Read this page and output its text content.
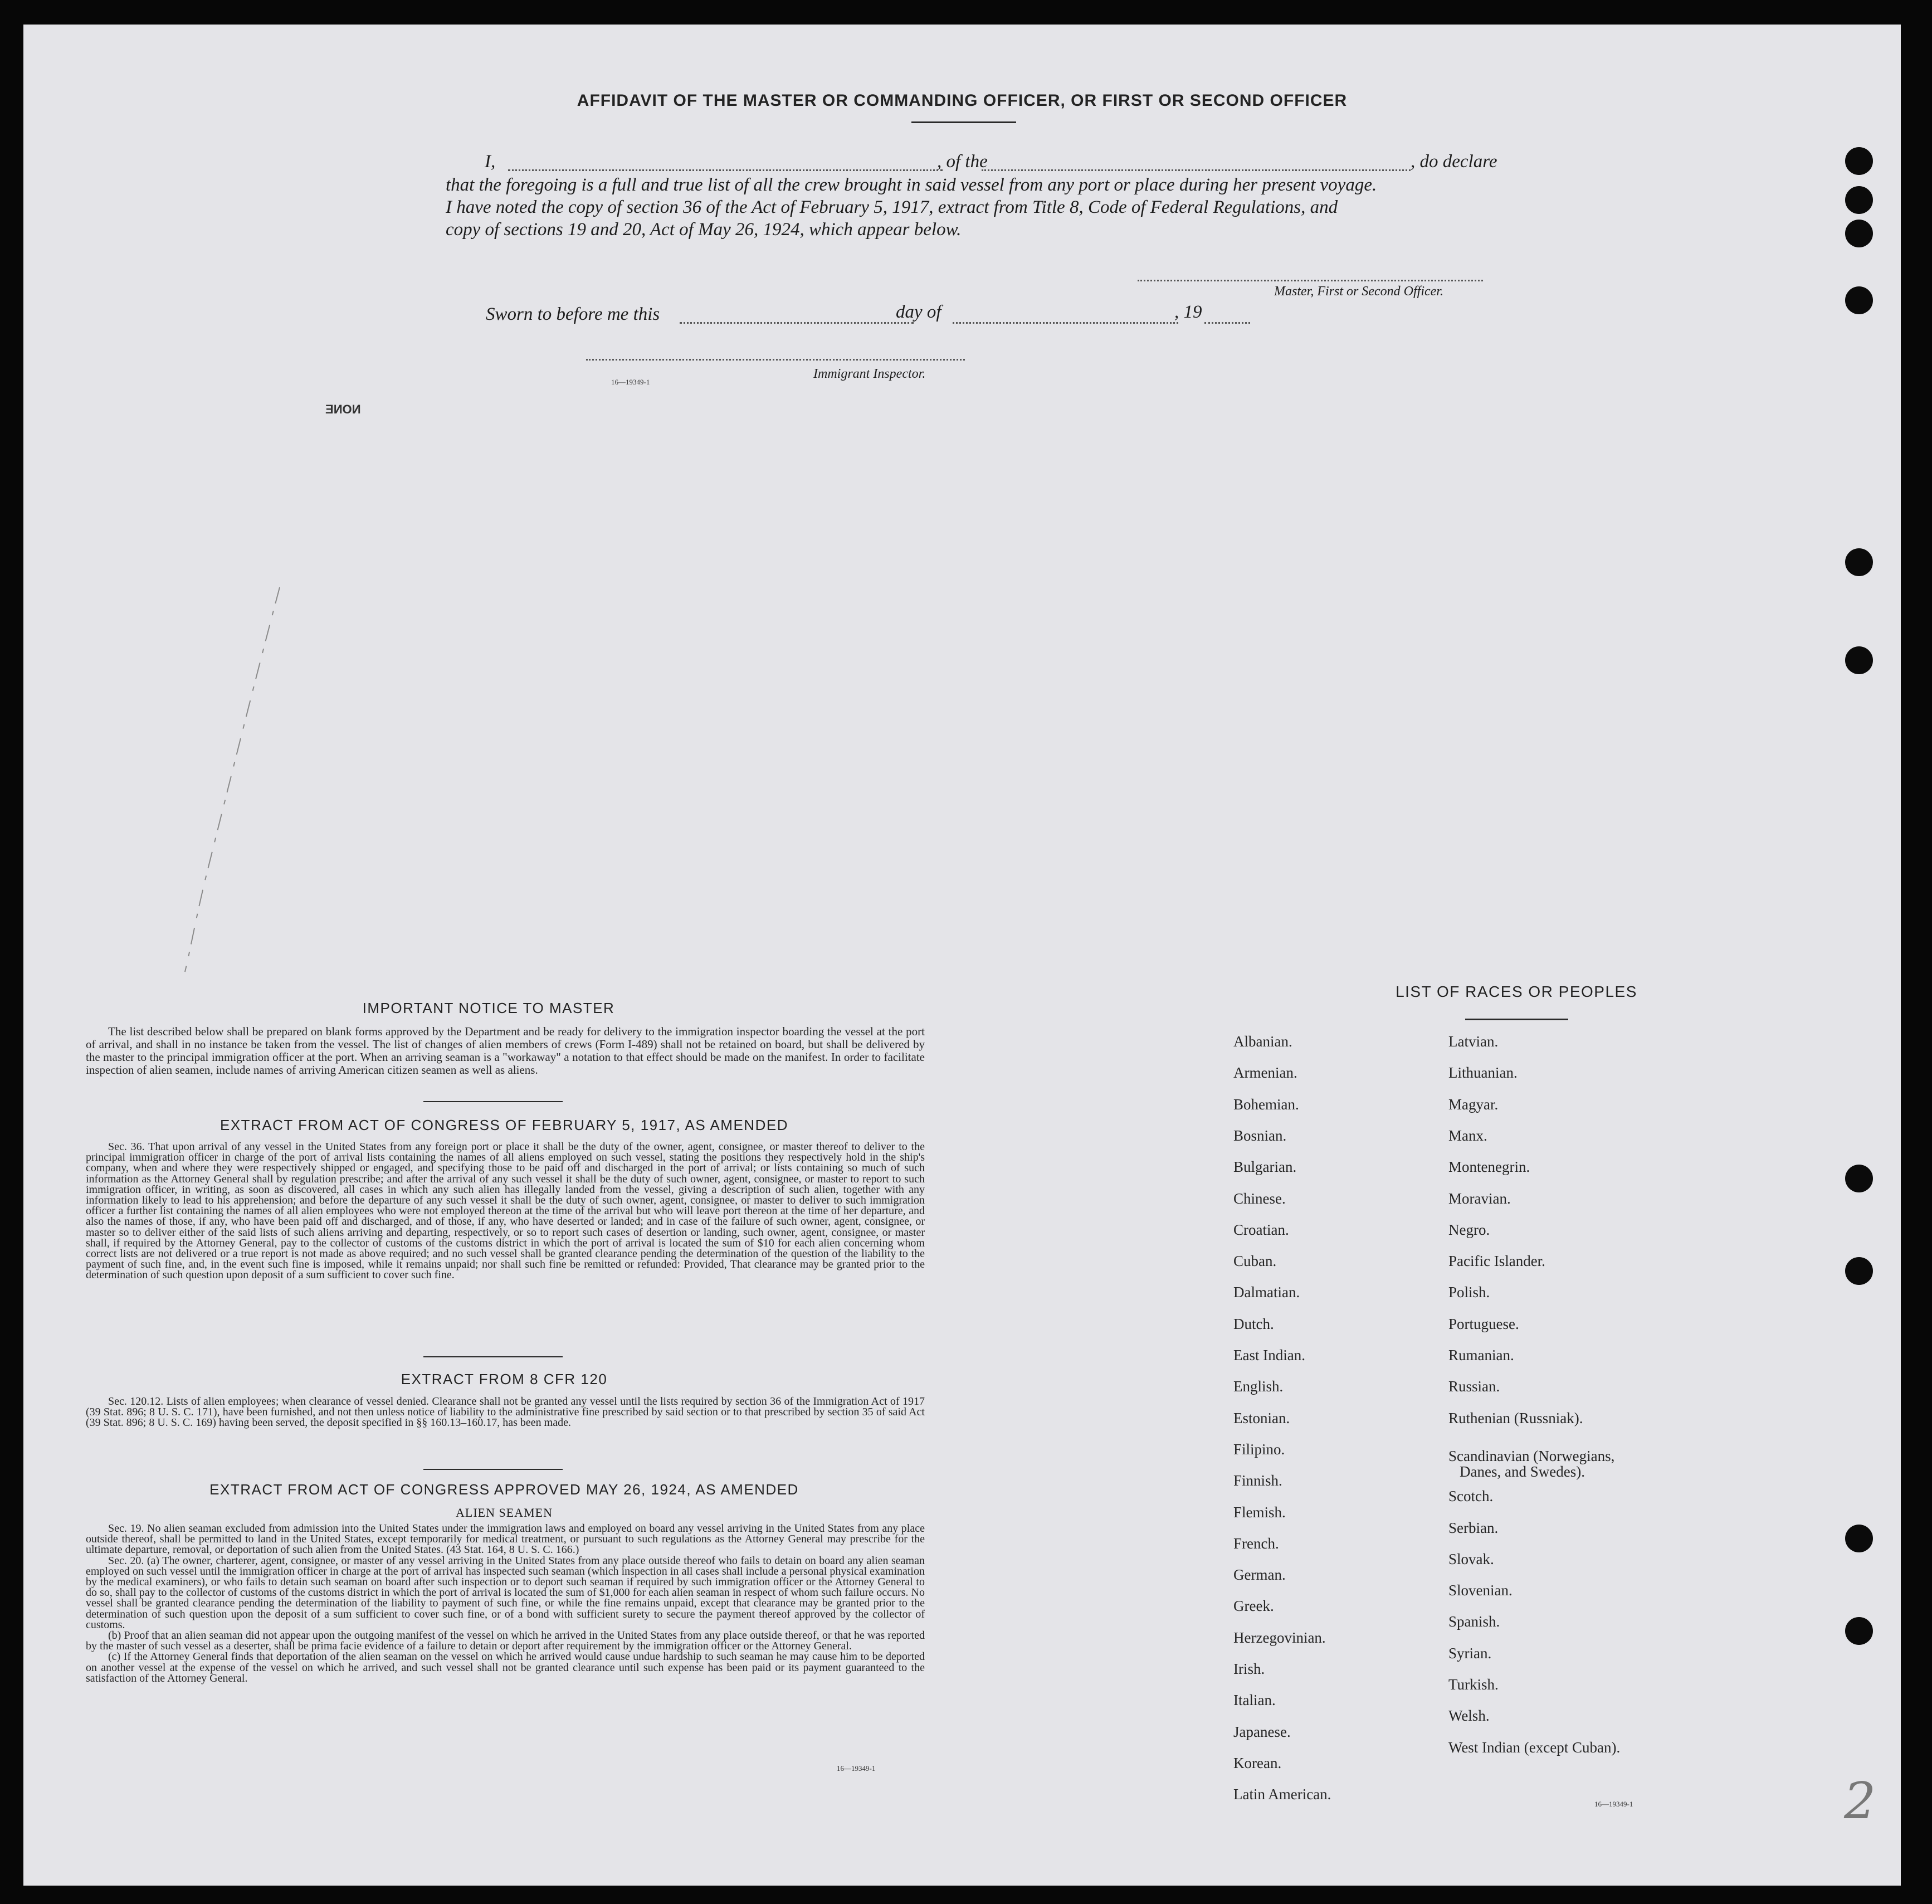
AFFIDAVIT OF THE MASTER OR COMMANDING OFFICER, OR FIRST OR SECOND OFFICER
I,	, of the	, do declare
that the foregoing is a full and true list of all the crew brought in said vessel from any port or place during her present voyage.
I have noted the copy of section 36 of the Act of February 5, 1917, extract from Title 8, Code of Federal Regulations, and
copy of sections 19 and 20, Act of May 26, 1924, which appear below.
Master, First or Second Officer.
Sworn to before me this	day of	, 19
16—19349-1
Immigrant Inspector.
NONE
IMPORTANT NOTICE TO MASTER

The list described below shall be prepared on blank forms approved by the Department and be ready for delivery to the immigration inspector boarding the vessel at the port of arrival, and shall in no instance be taken from the vessel. The list of changes of alien members of crews (Form I-489) shall not be retained on board, but shall be delivered by the master to the principal immigration officer at the port. When an arriving seaman is a "workaway" a notation to that effect should be made on the manifest. In order to facilitate inspection of alien seamen, include names of arriving American citizen seamen as well as aliens.

EXTRACT FROM ACT OF CONGRESS OF FEBRUARY 5, 1917, AS AMENDED

Sec. 36. That upon arrival of any vessel in the United States from any foreign port or place it shall be the duty of the owner, agent, consignee, or master thereof to deliver to the principal immigration officer in charge of the port of arrival lists containing the names of all aliens employed on such vessel, stating the positions they respectively hold in the ship's company, when and where they were respectively shipped or engaged, and specifying those to be paid off and discharged in the port of arrival; or lists containing so much of such information as the Attorney General shall by regulation prescribe; and after the arrival of any such vessel it shall be the duty of such owner, agent, consignee, or master to report to such immigration officer, in writing, as soon as discovered, all cases in which any such alien has illegally landed from the vessel, giving a description of such alien, together with any information likely to lead to his apprehension; and before the departure of any such vessel it shall be the duty of such owner, agent, consignee, or master to deliver to such immigration officer a further list containing the names of all alien employees who were not employed thereon at the time of the arrival but who will leave port thereon at the time of her departure, and also the names of those, if any, who have been paid off and discharged, and of those, if any, who have deserted or landed; and in case of the failure of such owner, agent, consignee, or master so to deliver either of the said lists of such aliens arriving and departing, respectively, or so to report such cases of desertion or landing, such owner, agent, consignee, or master shall, if required by the Attorney General, pay to the collector of customs of the customs district in which the port of arrival is located the sum of $10 for each alien concerning whom correct lists are not delivered or a true report is not made as above required; and no such vessel shall be granted clearance pending the determination of the question of the liability to the payment of such fine, and, in the event such fine is imposed, while it remains unpaid; nor shall such fine be remitted or refunded: Provided, That clearance may be granted prior to the determination of such question upon deposit of a sum sufficient to cover such fine.

EXTRACT FROM 8 CFR 120

Sec. 120.12. Lists of alien employees; when clearance of vessel denied. Clearance shall not be granted any vessel until the lists required by section 36 of the Immigration Act of 1917 (39 Stat. 896; 8 U. S. C. 171), have been furnished, and not then unless notice of liability to the administrative fine prescribed by said section or to that prescribed by section 35 of said Act (39 Stat. 896; 8 U. S. C. 169) having been served, the deposit specified in §§ 160.13–160.17, has been made.

EXTRACT FROM ACT OF CONGRESS APPROVED MAY 26, 1924, AS AMENDED
ALIEN SEAMEN

Sec. 19. No alien seaman excluded from admission into the United States under the immigration laws and employed on board any vessel arriving in the United States from any place outside thereof, shall be permitted to land in the United States, except temporarily for medical treatment, or pursuant to such regulations as the Attorney General may prescribe for the ultimate departure, removal, or deportation of such alien from the United States. (43 Stat. 164, 8 U. S. C. 166.)

Sec. 20. (a) The owner, charterer, agent, consignee, or master of any vessel arriving in the United States from any place outside thereof who fails to detain on board any alien seaman employed on such vessel until the immigration officer in charge at the port of arrival has inspected such seaman (which inspection in all cases shall include a personal physical examination by the medical examiners), or who fails to detain such seaman on board after such inspection or to deport such seaman if required by such immigration officer or the Attorney General to do so, shall pay to the collector of customs of the customs district in which the port of arrival is located the sum of $1,000 for each alien seaman in respect of whom such failure occurs. No vessel shall be granted clearance pending the determination of the liability to payment of such fine, or while the fine remains unpaid, except that clearance may be granted prior to the determination of such question upon the deposit of a sum sufficient to cover such fine, or of a bond with sufficient surety to secure the payment thereof approved by the collector of customs.

(b) Proof that an alien seaman did not appear upon the outgoing manifest of the vessel on which he arrived in the United States from any place outside thereof, or that he was reported by the master of such vessel as a deserter, shall be prima facie evidence of a failure to detain or deport after requirement by the immigration officer or the Attorney General.

(c) If the Attorney General finds that deportation of the alien seaman on the vessel on which he arrived would cause undue hardship to such seaman he may cause him to be deported on another vessel at the expense of the vessel on which he arrived, and such vessel shall not be granted clearance until such expense has been paid or its payment guaranteed to the satisfaction of the Attorney General.

16—19349-1
LIST OF RACES OR PEOPLES
16—19349-1	2
Albanian.
Armenian.
Bohemian.
Bosnian.
Bulgarian.
Chinese.
Croatian.
Cuban.
Dalmatian.
Dutch.
East Indian.
English.
Estonian.
Filipino.
Finnish.
Flemish.
French.
German.
Greek.
Herzegovinian.
Irish.
Italian.
Japanese.
Korean.
Latin American.
Latvian.
Lithuanian.
Magyar.
Manx.
Montenegrin.
Moravian.
Negro.
Pacific Islander.
Polish.
Portuguese.
Rumanian.
Russian.
Ruthenian (Russniak).
Scandinavian (Norwegians,
Danes, and Swedes).
Scotch.
Serbian.
Slovak.
Slovenian.
Spanish.
Syrian.
Turkish.
Welsh.
West Indian (except Cuban).
